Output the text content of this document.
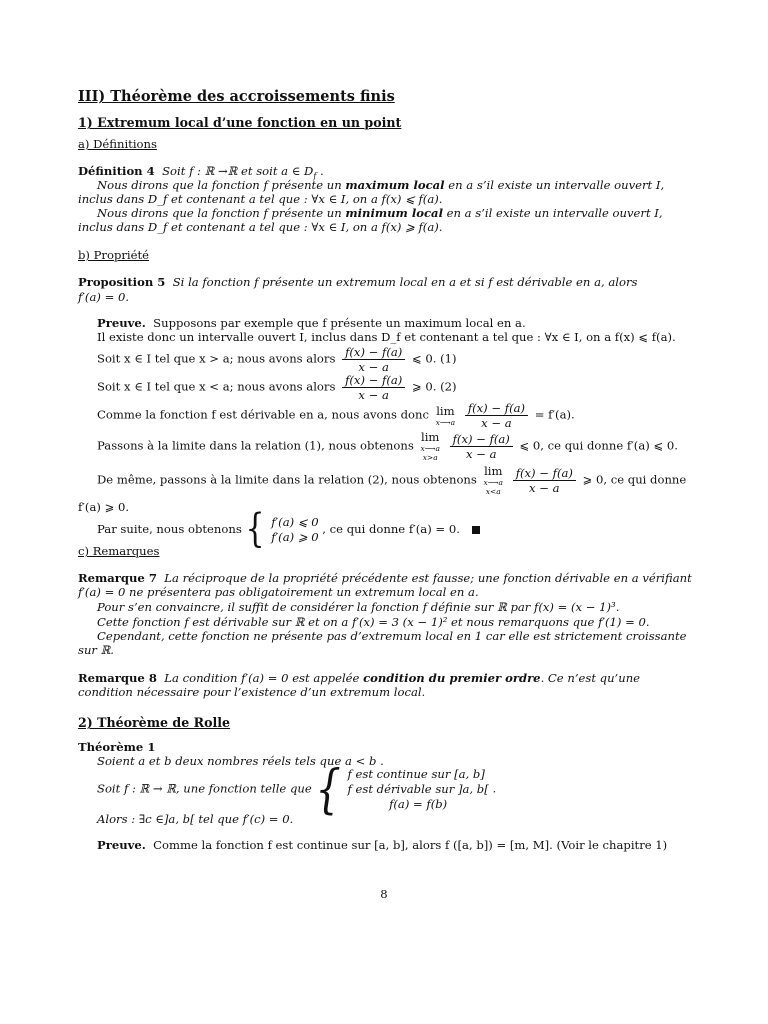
III) Théorème des accroissements finis
1) Extremum local d’une fonction en un point
a) Définitions
Définition 4 Soit f : ℝ →ℝ et soit a ∈ $D_f$ .
Nous dirons que la fonction f présente un maximum local en a s’il existe un intervalle ouvert I,
inclus dans D_f et contenant a tel que : ∀x ∈ I, on a f(x) ⩽ f(a).
Nous dirons que la fonction f présente un minimum local en a s’il existe un intervalle ouvert I,
inclus dans D_f et contenant a tel que : ∀x ∈ I, on a f(x) ⩾ f(a).
b) Propriété
Proposition 5 Si la fonction f présente un extremum local en a et si f est dérivable en a, alors
f′(a) = 0.
Preuve. Supposons par exemple que f présente un maximum local en a.
Il existe donc un intervalle ouvert I, inclus dans D_f et contenant a tel que : ∀x ∈ I, on a f(x) ⩽ f(a).
Soit x ∈ I tel que x > a; nous avons alors $\frac{f(x) - f(a)}{x - a}$ ⩽ 0. (1)
Soit x ∈ I tel que x < a; nous avons alors $\frac{f(x) - f(a)}{x - a}$ ⩾ 0. (2)
Comme la fonction f est dérivable en a, nous avons donc lim
x⟶a
$\frac{f(x) - f(a)}{x - a} = f'(a)$.
Passons à la limite dans la relation (1), nous obtenons
lim
x⟶a
x>a
$\frac{f(x) - f(a)}{x - a}$ ⩽ 0, ce qui donne f′(a) ⩽ 0.
De même, passons à la limite dans la relation (2), nous obtenons
lim
x⟶a
x<a
$\frac{f(x) - f(a)}{x - a}$ ⩾ 0, ce qui donne
f′(a) ⩾ 0.
Par suite, nous obtenons { f′(a) ⩽ 0
f′(a) ⩾ 0
, ce qui donne f′(a) = 0.
c) Remarques
Remarque 7 La réciproque de la propriété précédente est fausse; une fonction dérivable en a vérifiant
f′(a) = 0 ne présentera pas obligatoirement un extremum local en a.
Pour s’en convaincre, il suffit de considérer la fonction f définie sur ℝ par f(x) = (x − 1)³.
Cette fonction f est dérivable sur ℝ et on a f′(x) = 3 (x − 1)² et nous remarquons que f′(1) = 0.
Cependant, cette fonction ne présente pas d’extremum local en 1 car elle est strictement croissante
sur ℝ.
Remarque 8 La condition f′(a) = 0 est appelée condition du premier ordre. Ce n’est qu’une
condition nécessaire pour l’existence d’un extremum local.
2) Théorème de Rolle
Théorème 1
Soient a et b deux nombres réels tels que a < b .
Soit f : ℝ → ℝ, une fonction telle que { f est continue sur [a, b]
f est dérivable sur ]a, b[
f(a) = f(b)
.
Alors : ∃c ∈]a, b[ tel que f′(c) = 0.
Preuve. Comme la fonction f est continue sur [a, b], alors f ([a, b]) = [m, M]. (Voir le chapitre 1)
8
